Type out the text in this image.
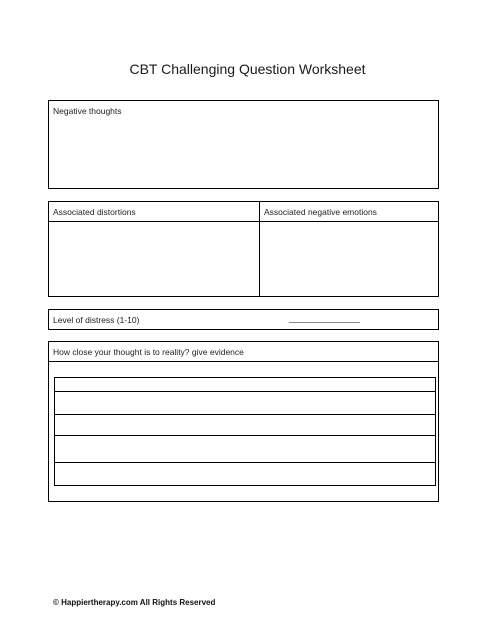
CBT Challenging Question Worksheet
Negative thoughts
Associated distortions	Associated negative emotions
Level of distress (1-10)	_______________
How close your thought is to reality? give evidence
© Happiertherapy.com All Rights Reserved
